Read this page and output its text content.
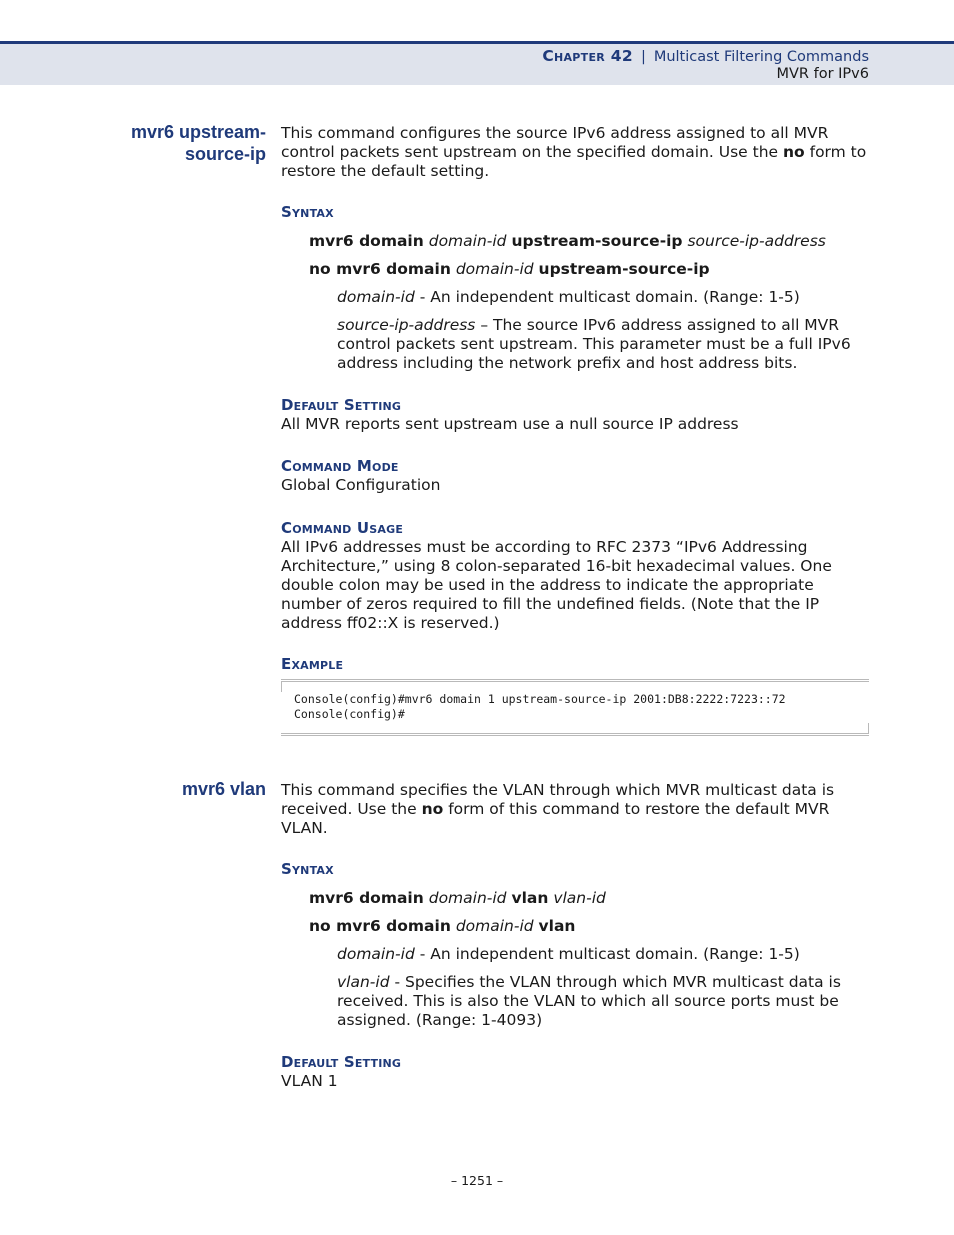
Chapter 42 | Multicast Filtering Commands
MVR for IPv6
mvr6 upstream-
source-ip
This command configures the source IPv6 address assigned to all MVR control packets sent upstream on the specified domain. Use the no form to restore the default setting.
Syntax
mvr6 domain domain-id upstream-source-ip source-ip-address
no mvr6 domain domain-id upstream-source-ip
domain-id - An independent multicast domain. (Range: 1-5)
source-ip-address – The source IPv6 address assigned to all MVR control packets sent upstream. This parameter must be a full IPv6 address including the network prefix and host address bits.
Default Setting
All MVR reports sent upstream use a null source IP address
Command Mode
Global Configuration
Command Usage
All IPv6 addresses must be according to RFC 2373 “IPv6 Addressing Architecture,” using 8 colon-separated 16-bit hexadecimal values. One double colon may be used in the address to indicate the appropriate number of zeros required to fill the undefined fields. (Note that the IP address ff02::X is reserved.)
Example
Console(config)#mvr6 domain 1 upstream-source-ip 2001:DB8:2222:7223::72
Console(config)#
mvr6 vlan This command specifies the VLAN through which MVR multicast data is received. Use the no form of this command to restore the default MVR VLAN.
Syntax
mvr6 domain domain-id vlan vlan-id
no mvr6 domain domain-id vlan
domain-id - An independent multicast domain. (Range: 1-5)
vlan-id - Specifies the VLAN through which MVR multicast data is received. This is also the VLAN to which all source ports must be assigned. (Range: 1-4093)
Default Setting
VLAN 1
– 1251 –
